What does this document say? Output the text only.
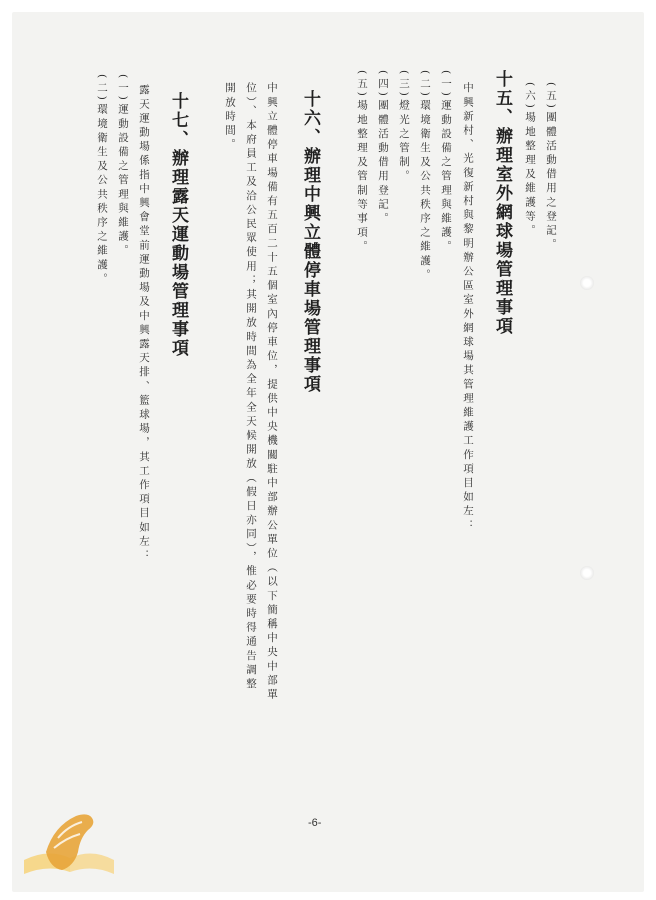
(五)團體活動借用之登記。
(六)場地整理及維護等。
十五、辦理室外網球場管理事項
中興新村、光復新村與黎明辦公區室外網球場其管理維護工作項目如左：
(一)運動設備之管理與維護。
(二)環境衛生及公共秩序之維護。
(三)燈光之管制。
(四)團體活動借用登記。
(五)場地整理及管制等事項。
十六、辦理中興立體停車場管理事項
中興立體停車場備有五百二十五個室內停車位，提供中央機關駐中部辦公單位（以下簡稱中央中部單
位）、本府員工及洽公民眾使用；其開放時間為全年全天候開放（假日亦同），惟必要時得通告調整
開放時間。
十七、辦理露天運動場管理事項
露天運動場係指中興會堂前運動場及中興露天排、籃球場，其工作項目如左：
(一)運動設備之管理與維護。
(二)環境衛生及公共秩序之維護。
-6-
